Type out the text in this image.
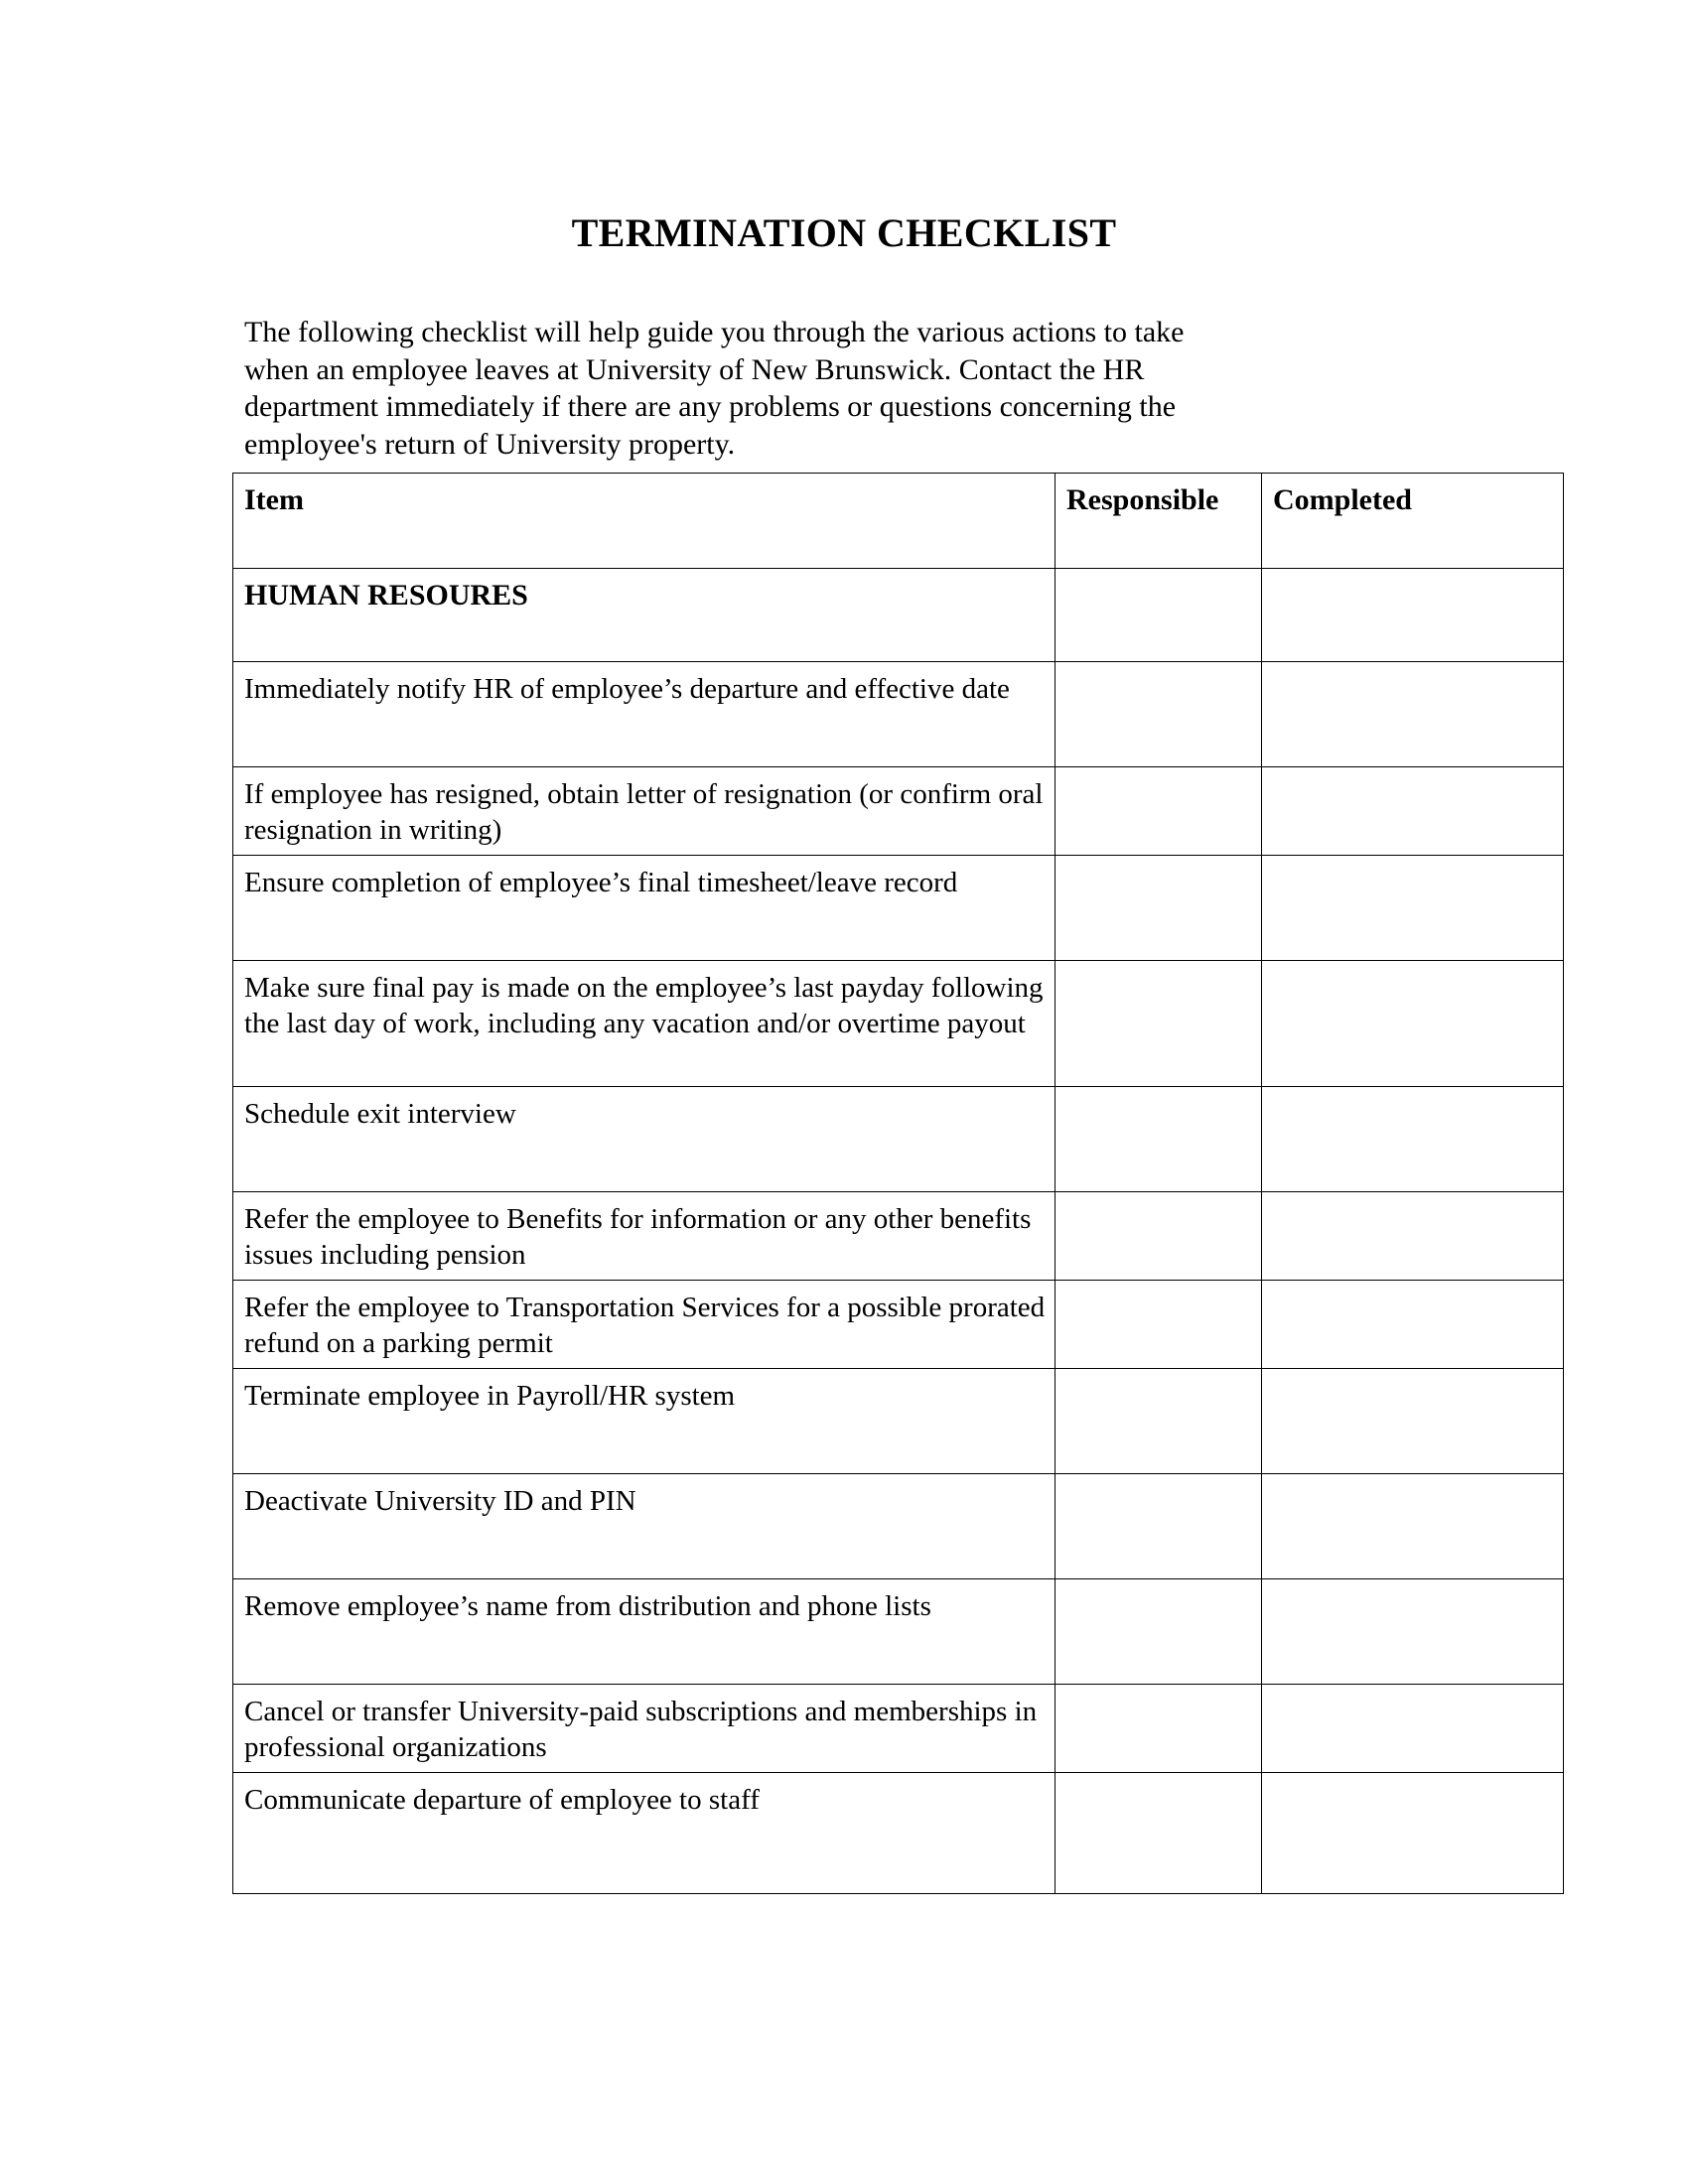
TERMINATION CHECKLIST

The following checklist will help guide you through the various actions to take when an employee leaves at University of New Brunswick. Contact the HR department immediately if there are any problems or questions concerning the employee's return of University property.

Item	Responsible	Completed
HUMAN RESOURES		
Immediately notify HR of employee’s departure and effective date		
If employee has resigned, obtain letter of resignation (or confirm oral resignation in writing)		
Ensure completion of employee’s final timesheet/leave record		
Make sure final pay is made on the employee’s last payday following the last day of work, including any vacation and/or overtime payout		
Schedule exit interview		
Refer the employee to Benefits for information or any other benefits issues including pension		
Refer the employee to Transportation Services for a possible prorated refund on a parking permit		
Terminate employee in Payroll/HR system		
Deactivate University ID and PIN		
Remove employee’s name from distribution and phone lists		
Cancel or transfer University-paid subscriptions and memberships in professional organizations		
Communicate departure of employee to staff		
